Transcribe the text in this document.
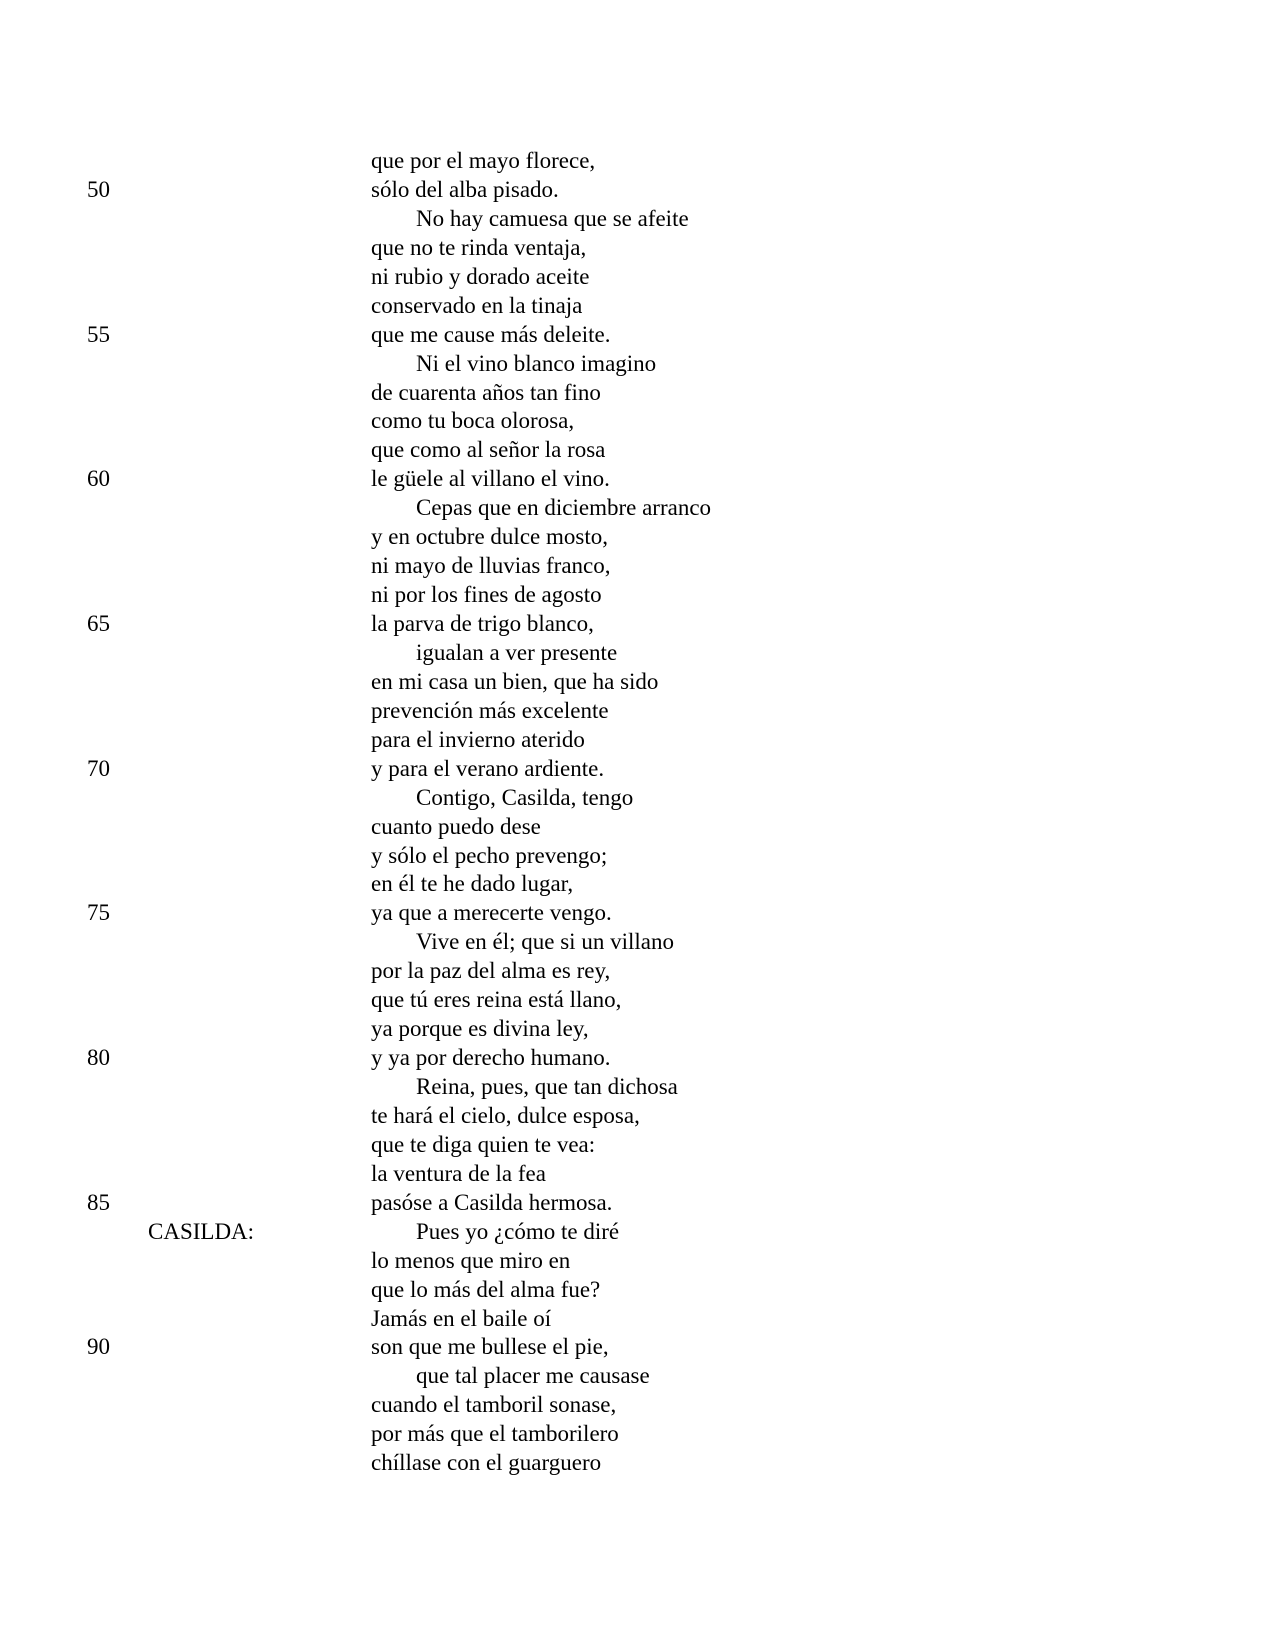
que por el mayo florece,
50	sólo del alba pisado.
No hay camuesa que se afeite
que no te rinda ventaja,
ni rubio y dorado aceite
conservado en la tinaja
55	que me cause más deleite.
Ni el vino blanco imagino
de cuarenta años tan fino
como tu boca olorosa,
que como al señor la rosa
60	le güele al villano el vino.
Cepas que en diciembre arranco
y en octubre dulce mosto,
ni mayo de lluvias franco,
ni por los fines de agosto
65	la parva de trigo blanco,
igualan a ver presente
en mi casa un bien, que ha sido
prevención más excelente
para el invierno aterido
70	y para el verano ardiente.
Contigo, Casilda, tengo
cuanto puedo dese
y sólo el pecho prevengo;
en él te he dado lugar,
75	ya que a merecerte vengo.
Vive en él; que si un villano
por la paz del alma es rey,
que tú eres reina está llano,
ya porque es divina ley,
80	y ya por derecho humano.
Reina, pues, que tan dichosa
te hará el cielo, dulce esposa,
que te diga quien te vea:
la ventura de la fea
85	pasóse a Casilda hermosa.
CASILDA:	Pues yo ¿cómo te diré
lo menos que miro en
que lo más del alma fue?
Jamás en el baile oí
90	son que me bullese el pie,
que tal placer me causase
cuando el tamboril sonase,
por más que el tamborilero
chíllase con el guarguero
